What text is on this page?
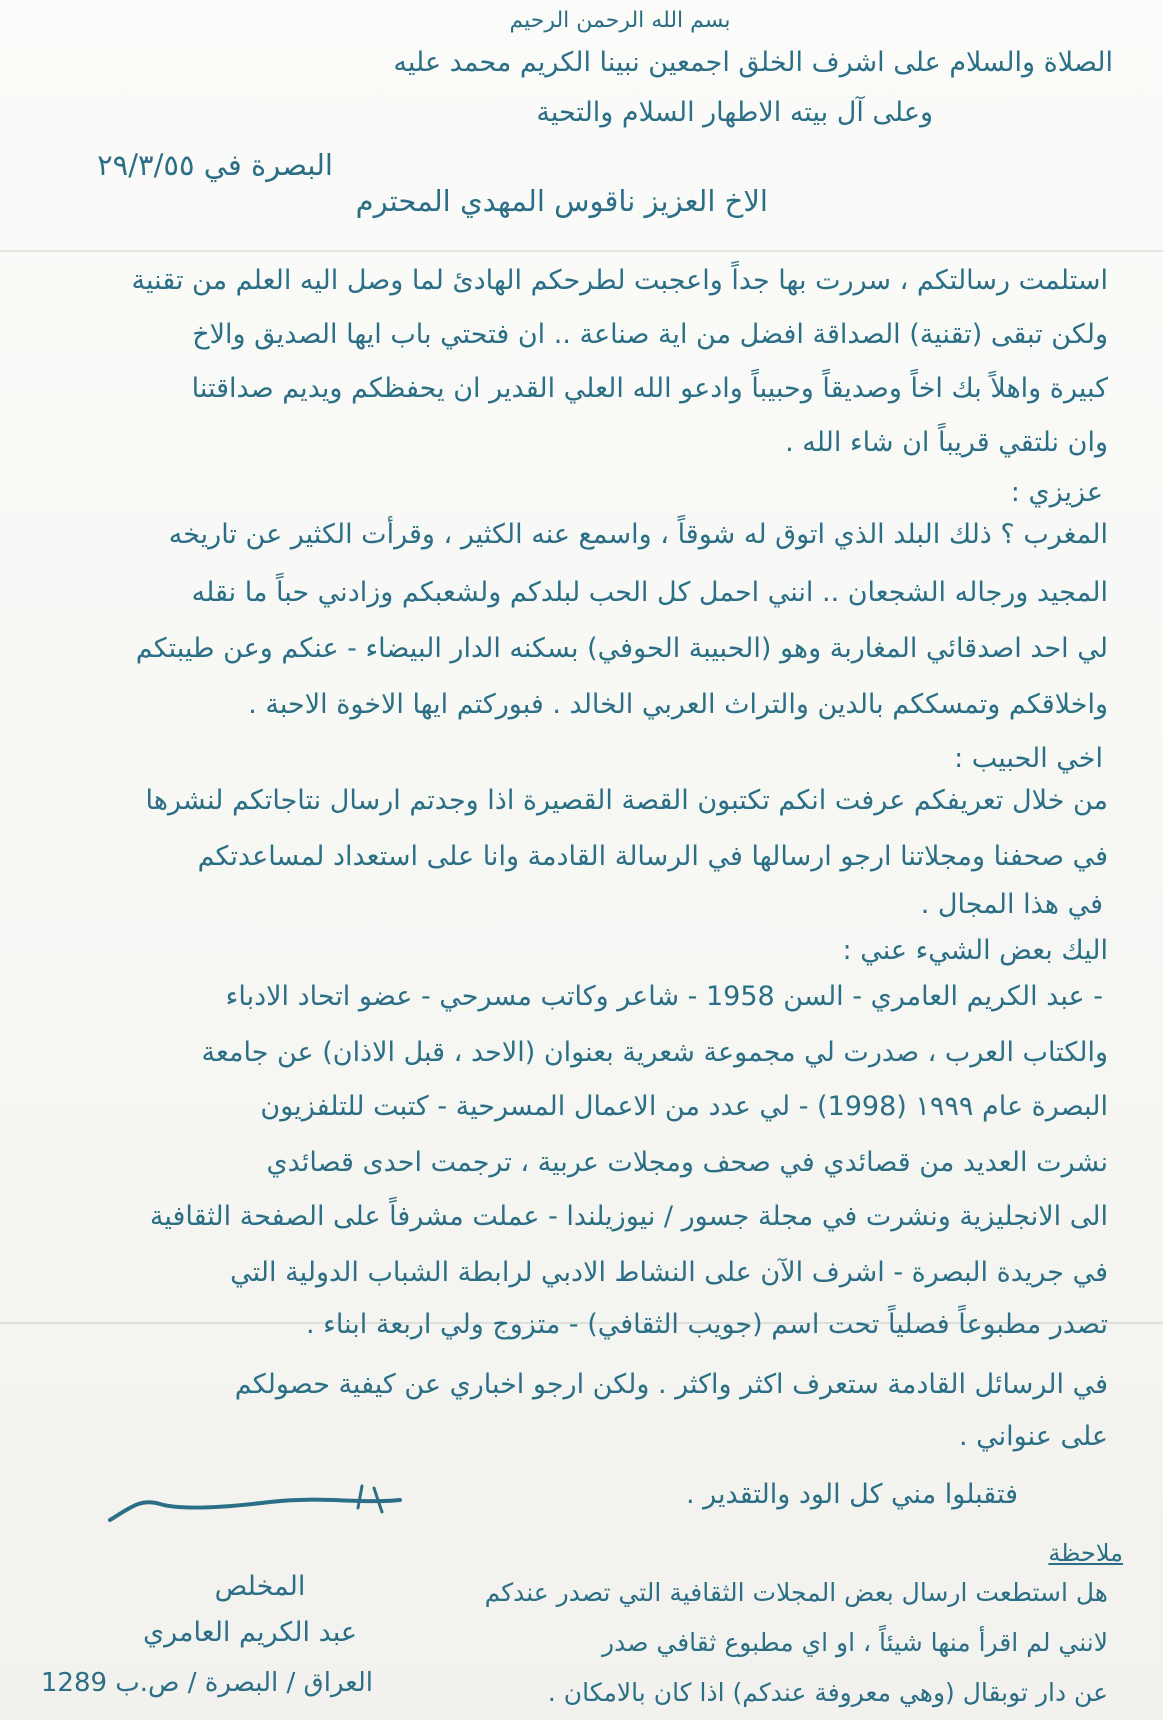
بسم الله الرحمن الرحيم
الصلاة والسلام على اشرف الخلق اجمعين نبينا الكريم محمد عليه
وعلى آل بيته الاطهار السلام والتحية
البصرة في ٢٩/٣/٥٥
الاخ العزيز ناقوس المهدي المحترم
استلمت رسالتكم ، سررت بها جداً واعجبت لطرحكم الهادئ لما وصل اليه العلم من تقنية
ولكن تبقى (تقنية) الصداقة افضل من اية صناعة .. ان فتحتي باب ايها الصديق والاخ
كبيرة واهلاً بك اخاً وصديقاً وحبيباً وادعو الله العلي القدير ان يحفظكم ويديم صداقتنا
وان نلتقي قريباً ان شاء الله .
عزيزي :
المغرب ؟ ذلك البلد الذي اتوق له شوقاً ، واسمع عنه الكثير ، وقرأت الكثير عن تاريخه
المجيد ورجاله الشجعان .. انني احمل كل الحب لبلدكم ولشعبكم وزادني حباً ما نقله
لي احد اصدقائي المغاربة وهو (الحبيبة الحوفي) بسكنه الدار البيضاء - عنكم وعن طيبتكم
واخلاقكم وتمسككم بالدين والتراث العربي الخالد . فبوركتم ايها الاخوة الاحبة .
اخي الحبيب :
من خلال تعريفكم عرفت انكم تكتبون القصة القصيرة اذا وجدتم ارسال نتاجاتكم لنشرها
في صحفنا ومجلاتنا ارجو ارسالها في الرسالة القادمة وانا على استعداد لمساعدتكم
في هذا المجال .
اليك بعض الشيء عني :
- عبد الكريم العامري - السن 1958 - شاعر وكاتب مسرحي - عضو اتحاد الادباء
والكتاب العرب ، صدرت لي مجموعة شعرية بعنوان (الاحد ، قبل الاذان) عن جامعة
البصرة عام ١٩٩٩ (1998) - لي عدد من الاعمال المسرحية - كتبت للتلفزيون
نشرت العديد من قصائدي في صحف ومجلات عربية ، ترجمت احدى قصائدي
الى الانجليزية ونشرت في مجلة جسور / نيوزيلندا - عملت مشرفاً على الصفحة الثقافية
في جريدة البصرة - اشرف الآن على النشاط الادبي لرابطة الشباب الدولية التي
تصدر مطبوعاً فصلياً تحت اسم (جويب الثقافي) - متزوج ولي اربعة ابناء .
في الرسائل القادمة ستعرف اكثر واكثر . ولكن ارجو اخباري عن كيفية حصولكم
على عنواني .
فتقبلوا مني كل الود والتقدير .
المخلص
عبد الكريم العامري
العراق / البصرة / ص.ب 1289
ملاحظة
هل استطعت ارسال بعض المجلات الثقافية التي تصدر عندكم
لانني لم اقرأ منها شيئاً ، او اي مطبوع ثقافي صدر
عن دار توبقال (وهي معروفة عندكم) اذا كان بالامكان .
